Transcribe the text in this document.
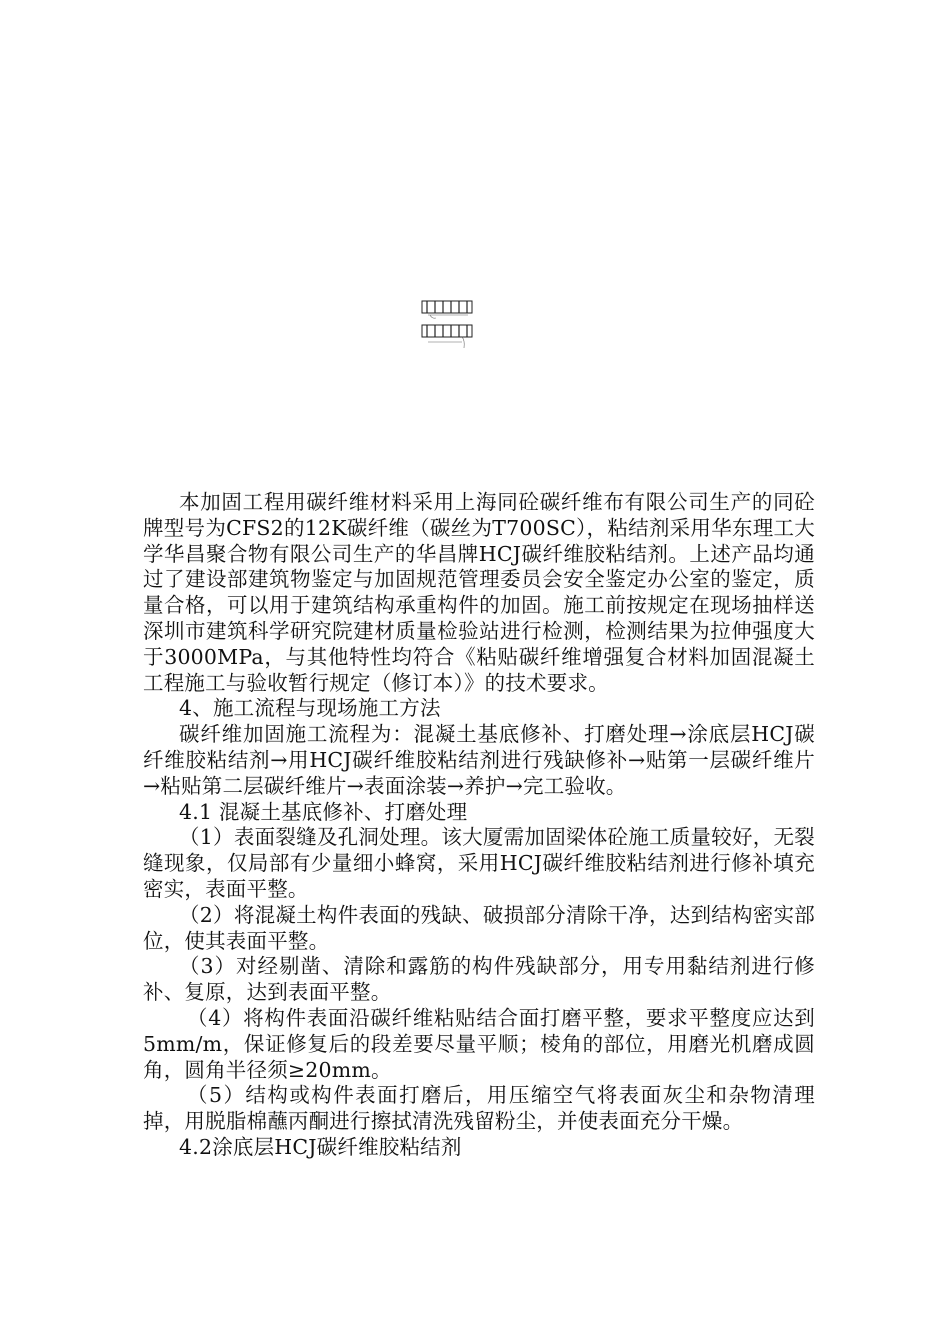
本加固工程用碳纤维材料采用上海同砼碳纤维布有限公司生产的同砼牌型号为CFS2的12K碳纤维（碳丝为T700SC），粘结剂采用华东理工大学华昌聚合物有限公司生产的华昌牌HCJ碳纤维胶粘结剂。上述产品均通过了建设部建筑物鉴定与加固规范管理委员会安全鉴定办公室的鉴定，质量合格，可以用于建筑结构承重构件的加固。施工前按规定在现场抽样送深圳市建筑科学研究院建材质量检验站进行检测，检测结果为拉伸强度大于3000MPa，与其他特性均符合《粘贴碳纤维增强复合材料加固混凝土工程施工与验收暂行规定（修订本）》的技术要求。

4、施工流程与现场施工方法

碳纤维加固施工流程为：混凝土基底修补、打磨处理→涂底层HCJ碳纤维胶粘结剂→用HCJ碳纤维胶粘结剂进行残缺修补→贴第一层碳纤维片→粘贴第二层碳纤维片→表面涂装→养护→完工验收。

4.1 混凝土基底修补、打磨处理

（1）表面裂缝及孔洞处理。该大厦需加固梁体砼施工质量较好，无裂缝现象，仅局部有少量细小蜂窝，采用HCJ碳纤维胶粘结剂进行修补填充密实，表面平整。

（2）将混凝土构件表面的残缺、破损部分清除干净，达到结构密实部位，使其表面平整。

（3）对经剔凿、清除和露筋的构件残缺部分，用专用黏结剂进行修补、复原，达到表面平整。

（4）将构件表面沿碳纤维粘贴结合面打磨平整，要求平整度应达到5mm/m，保证修复后的段差要尽量平顺；棱角的部位，用磨光机磨成圆角，圆角半径须≥20mm。

（5）结构或构件表面打磨后，用压缩空气将表面灰尘和杂物清理掉，用脱脂棉蘸丙酮进行擦拭清洗残留粉尘，并使表面充分干燥。

4.2涂底层HCJ碳纤维胶粘结剂
